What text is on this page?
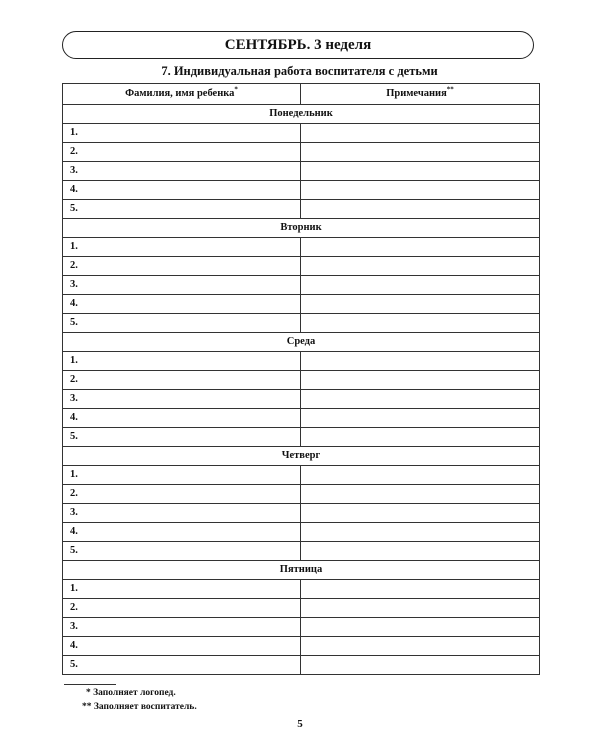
СЕНТЯБРЬ. 3 неделя
7. Индивидуальная работа воспитателя с детьми
Фамилия, имя ребенка*	Примечания**
Понедельник	
1.	
2.	
3.	
4.	
5.	
Вторник	
1.	
2.	
3.	
4.	
5.	
Среда	
1.	
2.	
3.	
4.	
5.	
Четверг	
1.	
2.	
3.	
4.	
5.	
Пятница	
1.	
2.	
3.	
4.	
5.	
* Заполняет логопед.
** Заполняет воспитатель.
5
